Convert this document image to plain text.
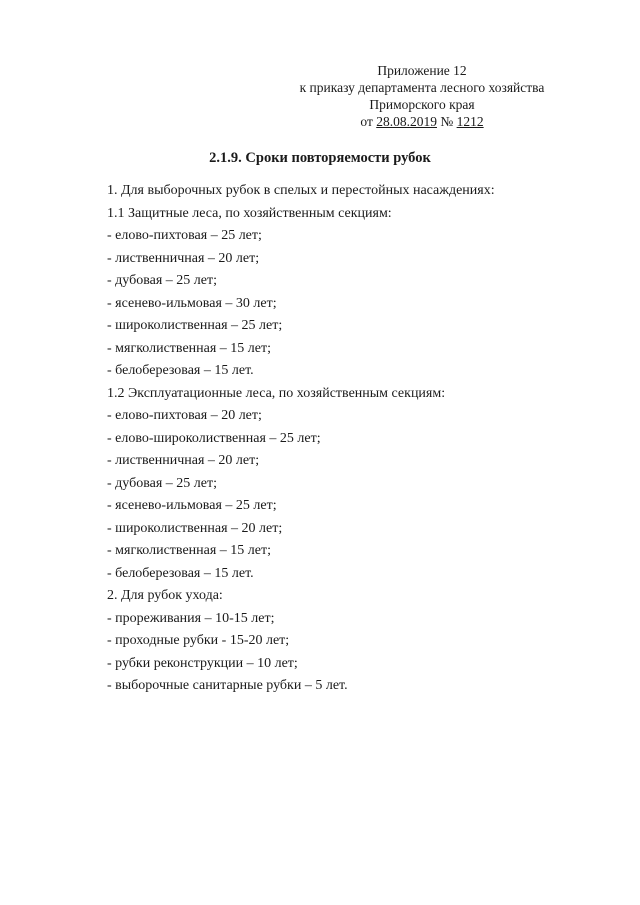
Приложение 12
к приказу департамента лесного хозяйства
Приморского края
от 28.08.2019 № 1212
2.1.9. Сроки повторяемости рубок
1. Для выборочных рубок в спелых и перестойных насаждениях:
1.1 Защитные леса, по хозяйственным секциям:
- елово-пихтовая – 25 лет;
- лиственничная – 20 лет;
- дубовая – 25 лет;
- ясенево-ильмовая – 30 лет;
- широколиственная – 25 лет;
- мягколиственная – 15 лет;
- белоберезовая – 15 лет.
1.2 Эксплуатационные леса, по хозяйственным секциям:
- елово-пихтовая – 20 лет;
- елово-широколиственная – 25 лет;
- лиственничная – 20 лет;
- дубовая – 25 лет;
- ясенево-ильмовая – 25 лет;
- широколиственная – 20 лет;
- мягколиственная – 15 лет;
- белоберезовая – 15 лет.
2. Для рубок ухода:
- прореживания – 10-15 лет;
- проходные рубки - 15-20 лет;
- рубки реконструкции – 10 лет;
- выборочные санитарные рубки – 5 лет.
